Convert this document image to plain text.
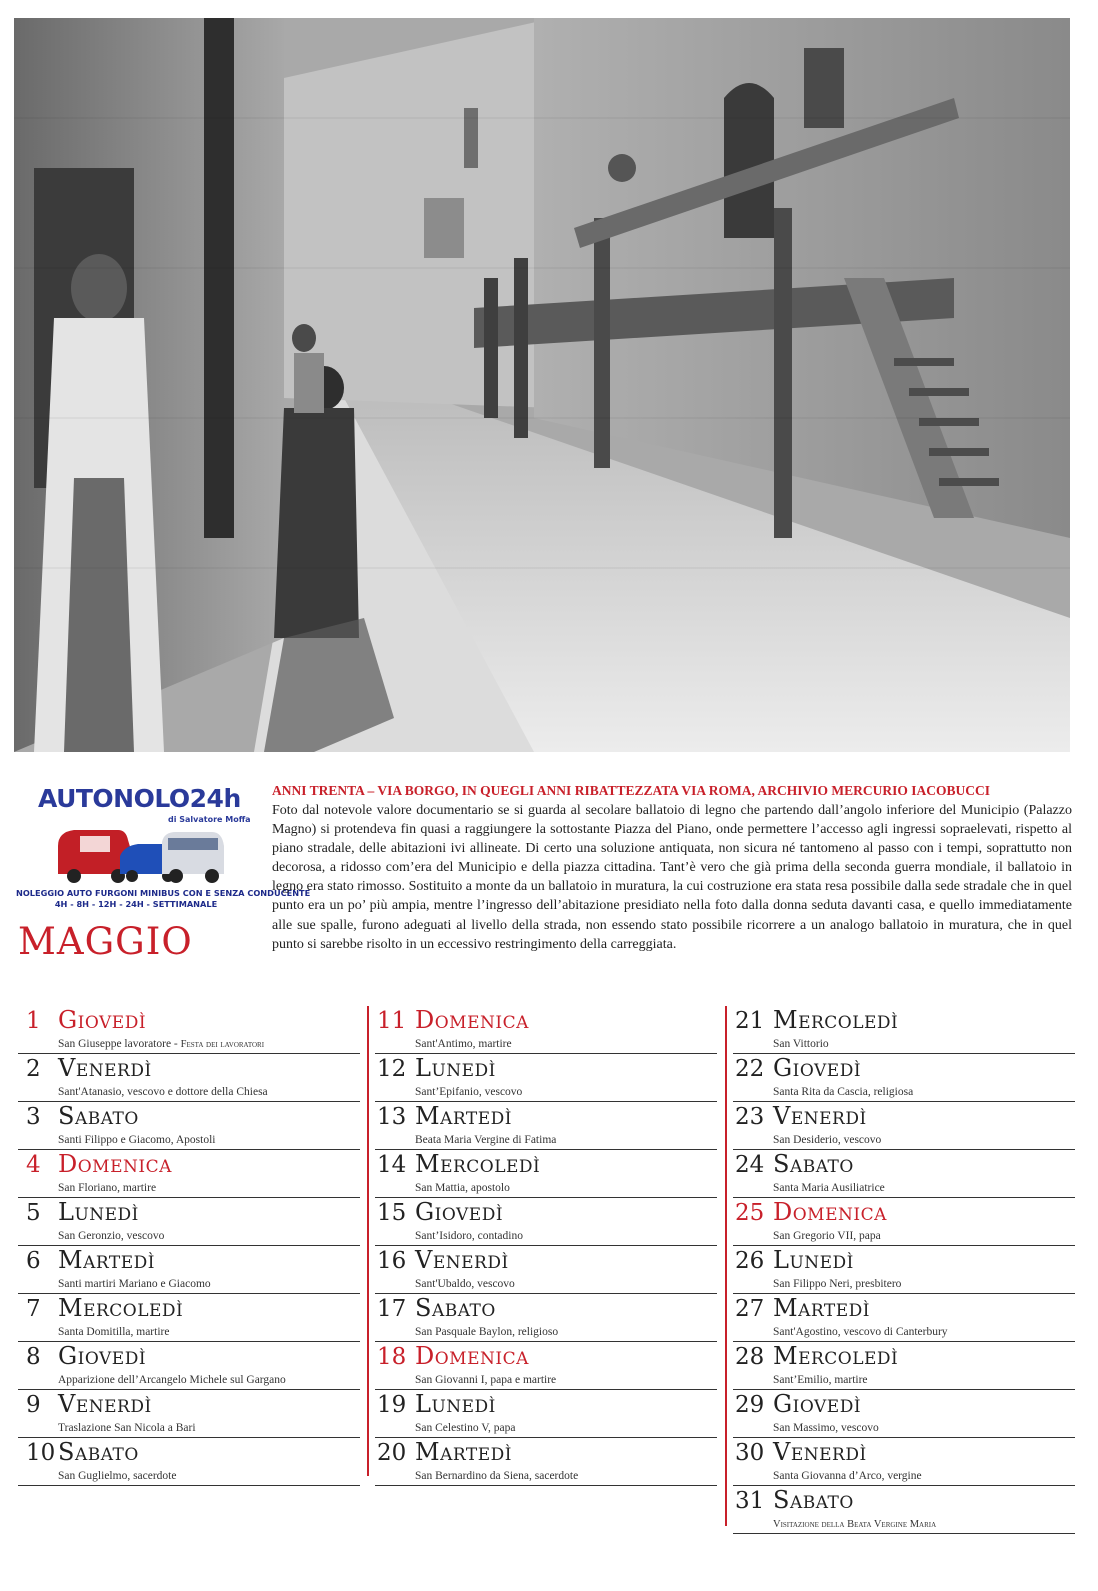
AUTONOLO24h
di Salvatore Moffa
NOLEGGIO AUTO FURGONI MINIBUS CON E SENZA CONDUCENTE
4H - 8H - 12H - 24H - SETTIMANALE
MAGGIO
ANNI TRENTA – VIA BORGO, IN QUEGLI ANNI RIBATTEZZATA VIA ROMA, ARCHIVIO MERCURIO IACOBUCCI
Foto dal notevole valore documentario se si guarda al secolare ballatoio di legno che partendo dall’angolo inferiore del Municipio (Palazzo Magno) si protendeva fin quasi a raggiungere la sottostante Piazza del Piano, onde permettere l’accesso agli ingressi sopraelevati, rispetto al piano stradale, delle abitazioni ivi allineate. Di certo una soluzione antiquata, non sicura né tantomeno al passo con i tempi, soprattutto non decorosa, a ridosso com’era del Municipio e della piazza cittadina. Tant’è vero che già prima della seconda guerra mondiale, il ballatoio in legno era stato rimosso. Sostituito a monte da un ballatoio in muratura, la cui costruzione era stata resa possibile dalla sede stradale che in quel punto era un po’ più ampia, mentre l’ingresso dell’abitazione presidiato nella foto dalla donna seduta davanti casa, e quello immediatamente alle sue spalle, furono adeguati al livello della strada, non essendo stato possibile ricorrere a un analogo ballatoio in muratura, che in quel punto si sarebbe risolto in un eccessivo restringimento della carreggiata.
1 Giovedì
San Giuseppe lavoratore - Festa dei lavoratori
2 Venerdì
Sant'Atanasio, vescovo e dottore della Chiesa
3 Sabato
Santi Filippo e Giacomo, Apostoli
4 Domenica
San Floriano, martire
5 Lunedì
San Geronzio, vescovo
6 Martedì
Santi martiri Mariano e Giacomo
7 Mercoledì
Santa Domitilla, martire
8 Giovedì
Apparizione dell’Arcangelo Michele sul Gargano
9 Venerdì
Traslazione San Nicola a Bari
10 Sabato
San Guglielmo, sacerdote
11 Domenica
Sant'Antimo, martire
12 Lunedì
Sant’Epifanio, vescovo
13 Martedì
Beata Maria Vergine di Fatima
14 Mercoledì
San Mattia, apostolo
15 Giovedì
Sant’Isidoro, contadino
16 Venerdì
Sant'Ubaldo, vescovo
17 Sabato
San Pasquale Baylon, religioso
18 Domenica
San Giovanni I, papa e martire
19 Lunedì
San Celestino V, papa
20 Martedì
San Bernardino da Siena, sacerdote
21 Mercoledì
San Vittorio
22 Giovedì
Santa Rita da Cascia, religiosa
23 Venerdì
San Desiderio, vescovo
24 Sabato
Santa Maria Ausiliatrice
25 Domenica
San Gregorio VII, papa
26 Lunedì
San Filippo Neri, presbitero
27 Martedì
Sant'Agostino, vescovo di Canterbury
28 Mercoledì
Sant’Emilio, martire
29 Giovedì
San Massimo, vescovo
30 Venerdì
Santa Giovanna d’Arco, vergine
31 Sabato
Visitazione della Beata Vergine Maria
